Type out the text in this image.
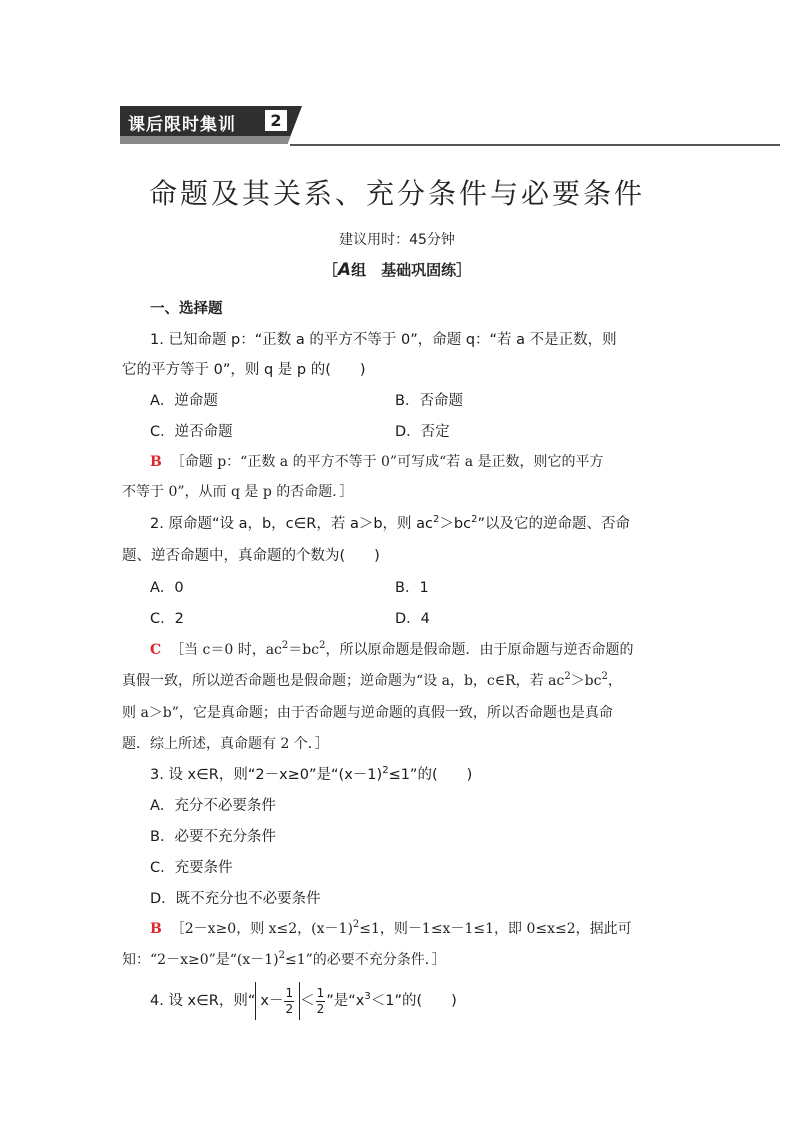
课后限时集训	2
命题及其关系、充分条件与必要条件
建议用时：45分钟
［A组　基础巩固练］
一、选择题
1. 已知命题 p：“正数 a 的平方不等于 0”，命题 q：“若 a 不是正数，则
它的平方等于 0”，则 q 是 p 的(　　)
A．逆命题	B．否命题
C．逆否命题	D．否定
B ［命题 p：“正数 a 的平方不等于 0”可写成“若 a 是正数，则它的平方
不等于 0”，从而 q 是 p 的否命题．］
2. 原命题“设 a，b，c∈R，若 a＞b，则 $ac^2>bc^2$”以及它的逆命题、否命
题、逆否命题中，真命题的个数为(　　)
A．0	B．1
C．2	D．4
C ［当 c＝0 时，$ac^2=bc^2$，所以原命题是假命题．由于原命题与逆否命题的
真假一致，所以逆否命题也是假命题；逆命题为“设 a，b，c∈R，若 $ac^2>bc^2$，
则 a＞b”，它是真命题；由于否命题与逆命题的真假一致，所以否命题也是真命
题．综上所述，真命题有 2 个．］
3. 设 x∈R，则“2－x≥0”是“$(x-1)^2\le 1$”的(　　)
A．充分不必要条件
B．必要不充分条件
C．充要条件
D．既不充分也不必要条件
B ［2－x≥0，则 x≤2，$(x-1)^2\le 1$，则－1≤x－1≤1，即 0≤x≤2，据此可
知：“2－x≥0”是“$(x-1)^2\le 1$”的必要不充分条件．］
4. 设 x∈R，则“ $x- \frac{1}{2} < \frac{1}{2}$ ”是“$x^3<1$”的(　　)
